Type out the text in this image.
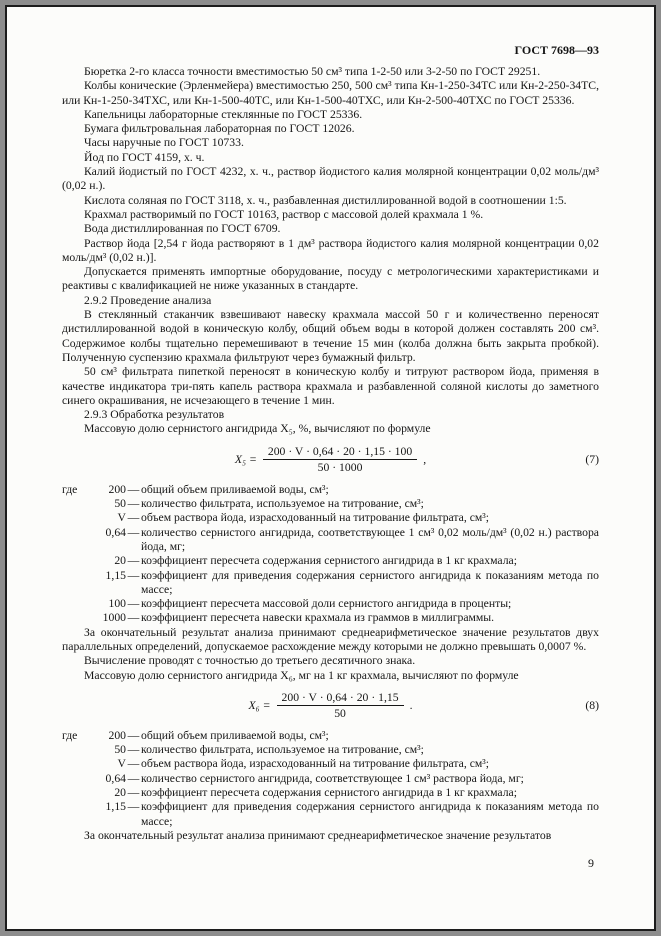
ГОСТ 7698—93

Бюретка 2-го класса точности вместимостью 50 см³ типа 1-2-50 или 3-2-50 по ГОСТ 29251.

Колбы конические (Эрленмейера) вместимостью 250, 500 см³ типа Кн-1-250-34ТС или Кн-2-250-34ТС, или Кн-1-250-34ТХС, или Кн-1-500-40ТС, или Кн-1-500-40ТХС, или Кн-2-500-40ТХС по ГОСТ 25336.

Капельницы лабораторные стеклянные по ГОСТ 25336.

Бумага фильтровальная лабораторная по ГОСТ 12026.

Часы наручные по ГОСТ 10733.

Йод по ГОСТ 4159, х. ч.

Калий йодистый по ГОСТ 4232, х. ч., раствор йодистого калия молярной концентрации 0,02 моль/дм³ (0,02 н.).

Кислота соляная по ГОСТ 3118, х. ч., разбавленная дистиллированной водой в соотношении 1:5.

Крахмал растворимый по ГОСТ 10163, раствор с массовой долей крахмала 1 %.

Вода дистиллированная по ГОСТ 6709.

Раствор йода [2,54 г йода растворяют в 1 дм³ раствора йодистого калия молярной концентрации 0,02 моль/дм³ (0,02 н.)].

Допускается применять импортные оборудование, посуду с метрологическими характеристиками и реактивы с квалификацией не ниже указанных в стандарте.

2.9.2 Проведение анализа

В стеклянный стаканчик взвешивают навеску крахмала массой 50 г и количественно переносят дистиллированной водой в коническую колбу, общий объем воды в которой должен составлять 200 см³. Содержимое колбы тщательно перемешивают в течение 15 мин (колба должна быть закрыта пробкой). Полученную суспензию крахмала фильтруют через бумажный фильтр.

50 см³ фильтрата пипеткой переносят в коническую колбу и титруют раствором йода, применяя в качестве индикатора три-пять капель раствора крахмала и разбавленной соляной кислоты до заметного синего окрашивания, не исчезающего в течение 1 мин.

2.9.3 Обработка результатов

Массовую долю сернистого ангидрида X₅, %, вычисляют по формуле

$X_5 = \frac{200 \cdot V \cdot 0,64 \cdot 20 \cdot 1,15 \cdot 100}{50 \cdot 1000}$ ,	(7)
где	200 — общий объем приливаемой воды, см³;
50 — количество фильтрата, используемое на титрование, см³;
V — объем раствора йода, израсходованный на титрование фильтрата, см³;
0,64 — количество сернистого ангидрида, соответствующее 1 см³ 0,02 моль/дм³ (0,02 н.) раствора йода, мг;
20 — коэффициент пересчета содержания сернистого ангидрида в 1 кг крахмала;
1,15 — коэффициент для приведения содержания сернистого ангидрида к показаниям метода по массе;
100 — коэффициент пересчета массовой доли сернистого ангидрида в проценты;
1000 — коэффициент пересчета навески крахмала из граммов в миллиграммы.

За окончательный результат анализа принимают среднеарифметическое значение результатов двух параллельных определений, допускаемое расхождение между которыми не должно превышать 0,0007 %.

Вычисление проводят с точностью до третьего десятичного знака.

Массовую долю сернистого ангидрида X₆, мг на 1 кг крахмала, вычисляют по формуле

$X_6 = \frac{200 \cdot V \cdot 0,64 \cdot 20 \cdot 1,15}{50}$ .	(8)
где	200 — общий объем приливаемой воды, см³;
50 — количество фильтрата, используемое на титрование, см³;
V — объем раствора йода, израсходованный на титрование фильтрата, см³;
0,64 — количество сернистого ангидрида, соответствующее 1 см³ раствора йода, мг;
20 — коэффициент пересчета содержания сернистого ангидрида в 1 кг крахмала;
1,15 — коэффициент для приведения содержания сернистого ангидрида к показаниям метода по массе;

За окончательный результат анализа принимают среднеарифметическое значение результатов

9
